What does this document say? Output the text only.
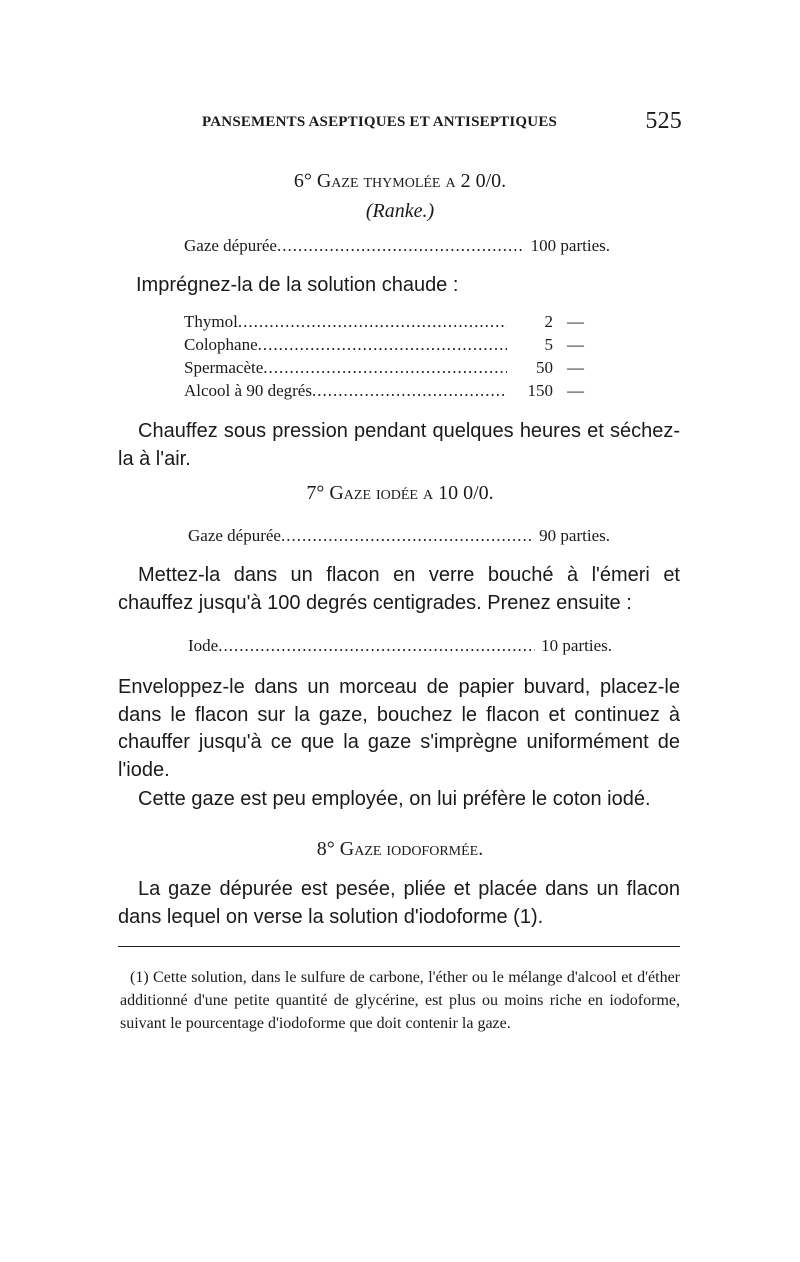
PANSEMENTS ASEPTIQUES ET ANTISEPTIQUES	525
6° Gaze thymolée a 2 0/0.
(Ranke.)
Gaze dépurée .....	100 parties.
Imprégnez-la de la solution chaude :
Thymol .....	2 —
Colophane .....	5 —
Spermacète .....	50 —
Alcool à 90 degrés .....	150 —
Chauffez sous pression pendant quelques heures et séchez-la à l'air.
7° Gaze iodée a 10 0/0.
Gaze dépurée .....	90 parties.
Mettez-la dans un flacon en verre bouché à l'émeri et chauffez jusqu'à 100 degrés centigrades. Prenez ensuite :
Iode .....	10 parties.
Enveloppez-le dans un morceau de papier buvard, placez-le dans le flacon sur la gaze, bouchez le flacon et continuez à chauffer jusqu'à ce que la gaze s'imprègne uniformément de l'iode.
Cette gaze est peu employée, on lui préfère le coton iodé.
8° Gaze iodoformée.
La gaze dépurée est pesée, pliée et placée dans un flacon dans lequel on verse la solution d'iodoforme (1).
(1) Cette solution, dans le sulfure de carbone, l'éther ou le mélange d'alcool et d'éther additionné d'une petite quantité de glycérine, est plus ou moins riche en iodoforme, suivant le pourcentage d'iodoforme que doit contenir la gaze.
